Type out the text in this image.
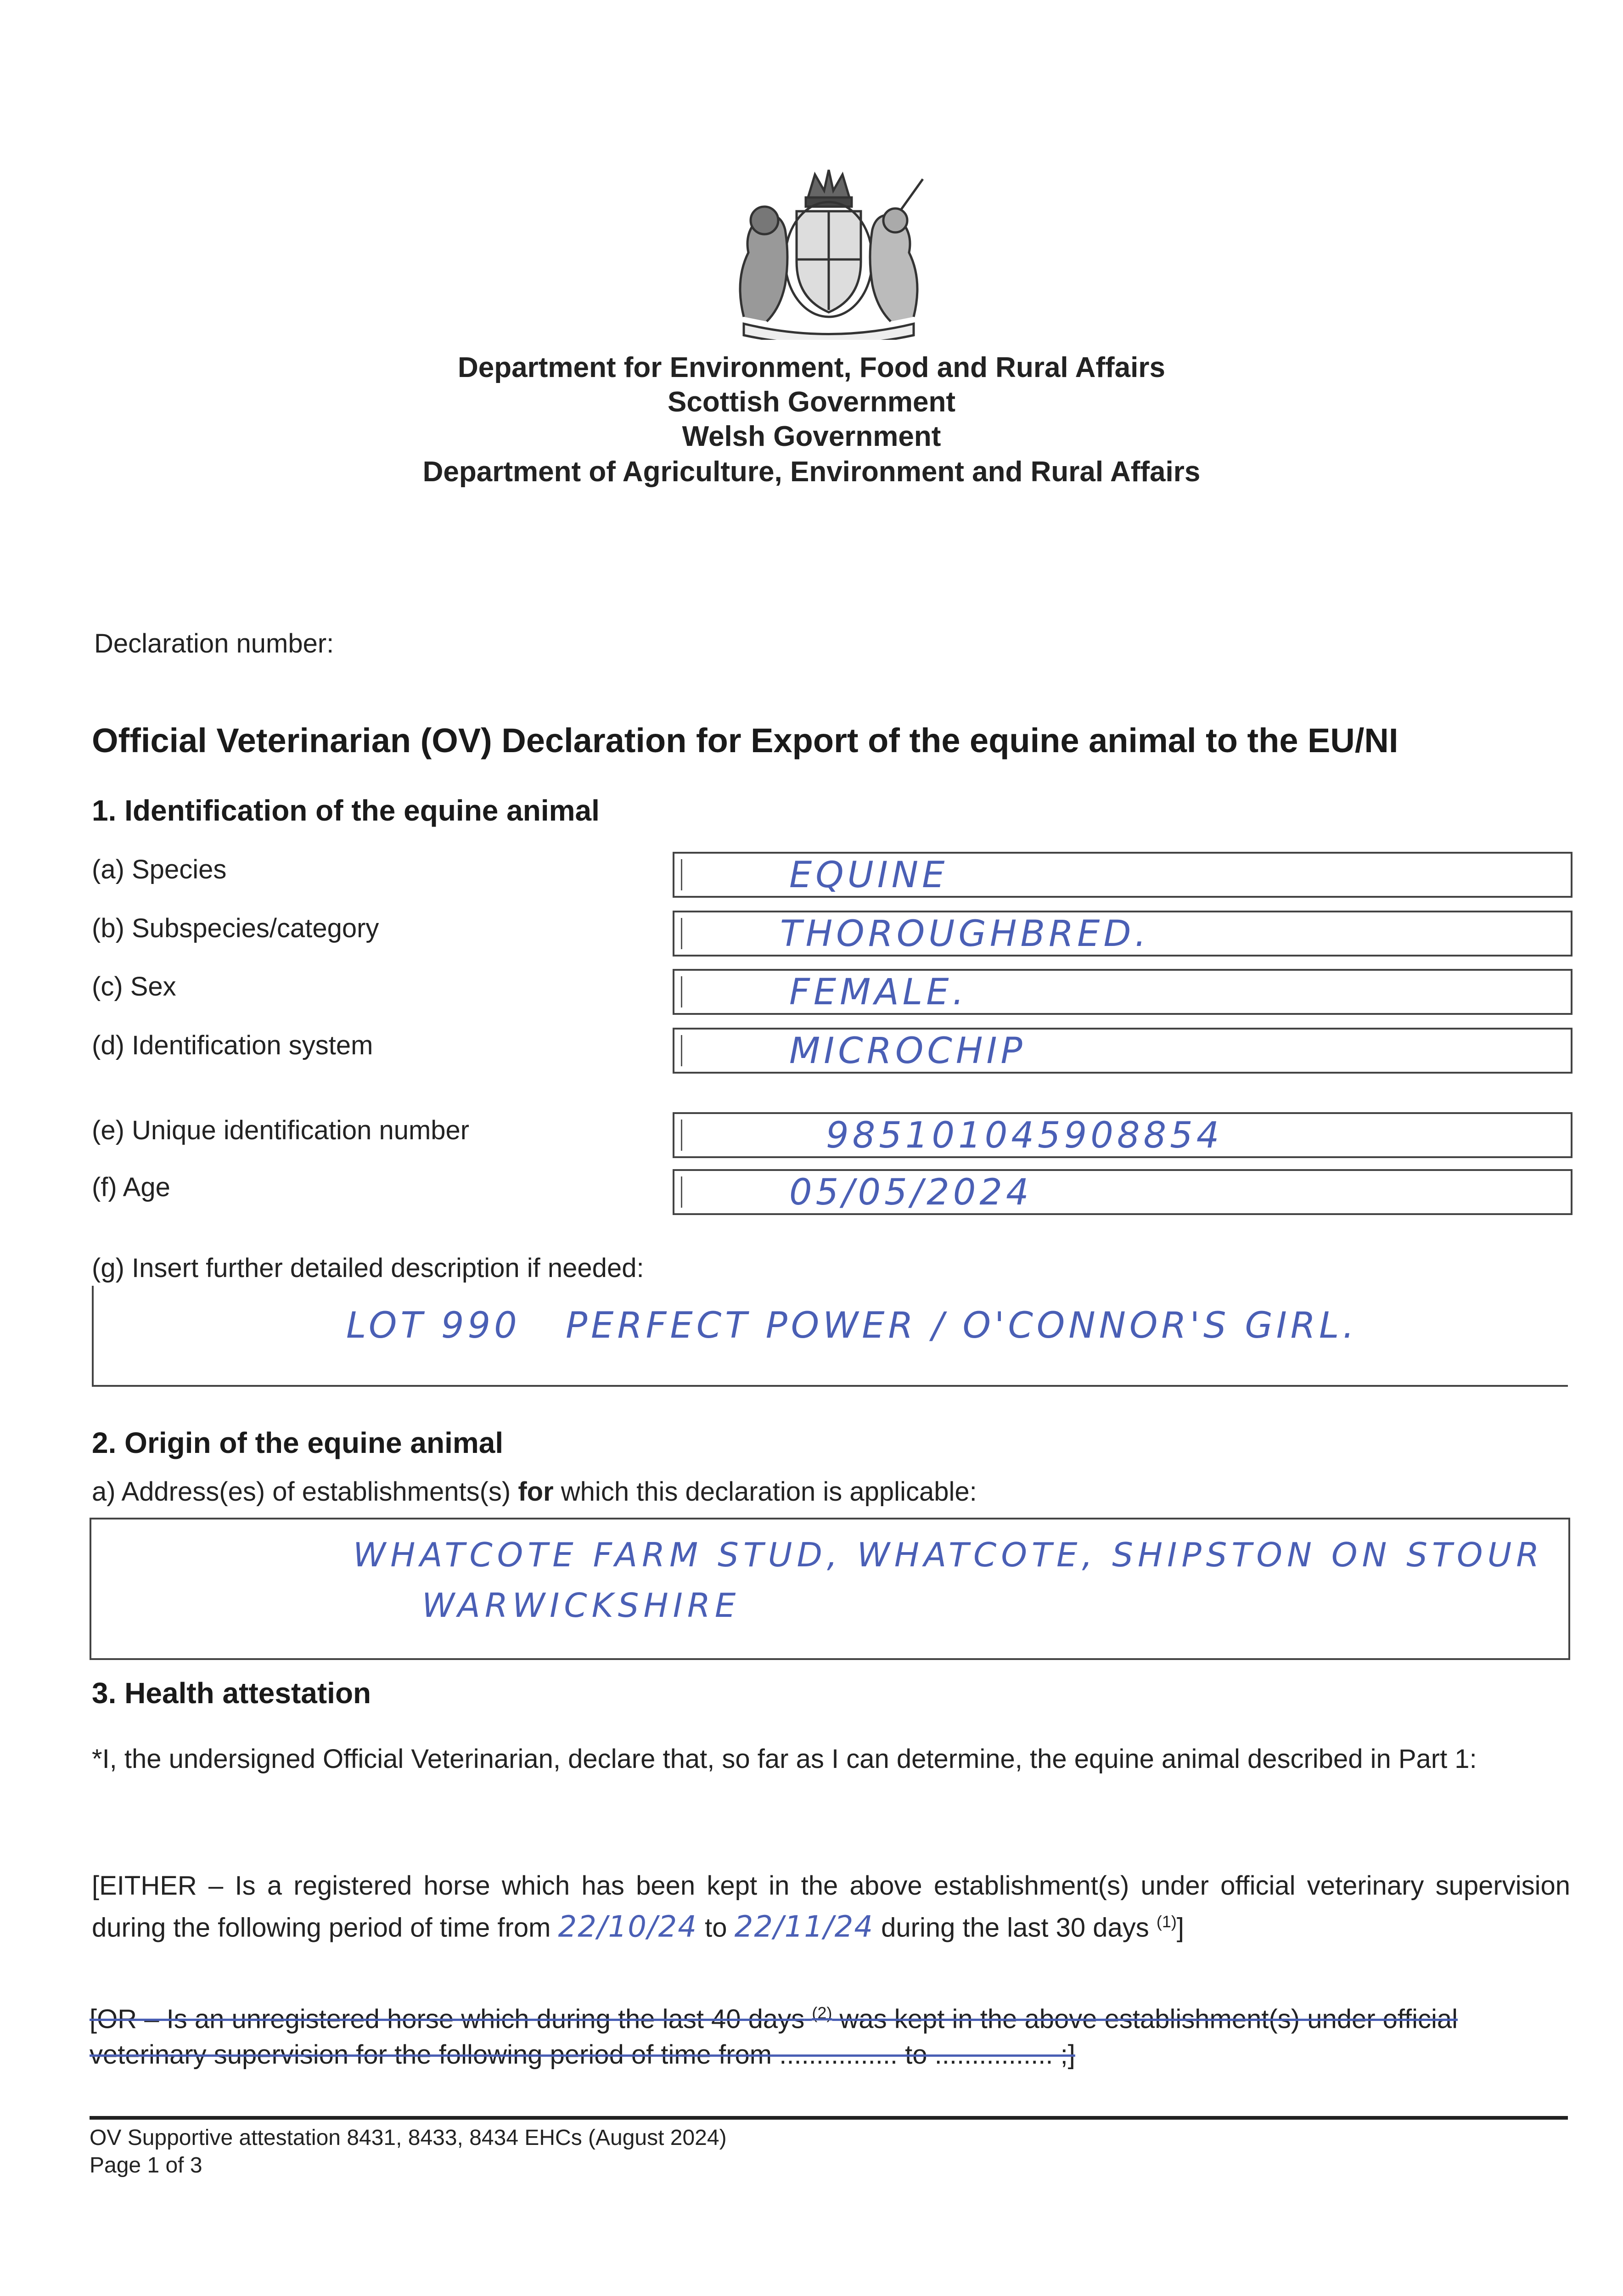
Department for Environment, Food and Rural Affairs
Scottish Government
Welsh Government
Department of Agriculture, Environment and Rural Affairs
Declaration number:
Official Veterinarian (OV) Declaration for Export of the equine animal to the EU/NI
1. Identification of the equine animal
(a) Species	EQUINE
(b) Subspecies/category	THOROUGHBRED.
(c) Sex	FEMALE.
(d) Identification system	MICROCHIP
(e) Unique identification number	985101045908854
(f) Age	05/05/2024
(g) Insert further detailed description if needed:
LOT 990   PERFECT POWER / O'CONNOR'S GIRL.
2. Origin of the equine animal
a) Address(es) of establishments(s) for which this declaration is applicable:
WHATCOTE FARM STUD, WHATCOTE, SHIPSTON ON STOUR
WARWICKSHIRE
3. Health attestation
*I, the undersigned Official Veterinarian, declare that, so far as I can determine, the equine animal described in Part 1:
[EITHER – Is a registered horse which has been kept in the above establishment(s) under official veterinary supervision during the following period of time from 22/10/24 to 22/11/24 during the last 30 days $^{(1)}$]
[OR – Is an unregistered horse which during the last 40 days $^{(2)}$ was kept in the above establishment(s) under official
veterinary supervision for the following period of time from ................ to ................ ;]
OV Supportive attestation 8431, 8433, 8434 EHCs (August 2024)
Page 1 of 3
